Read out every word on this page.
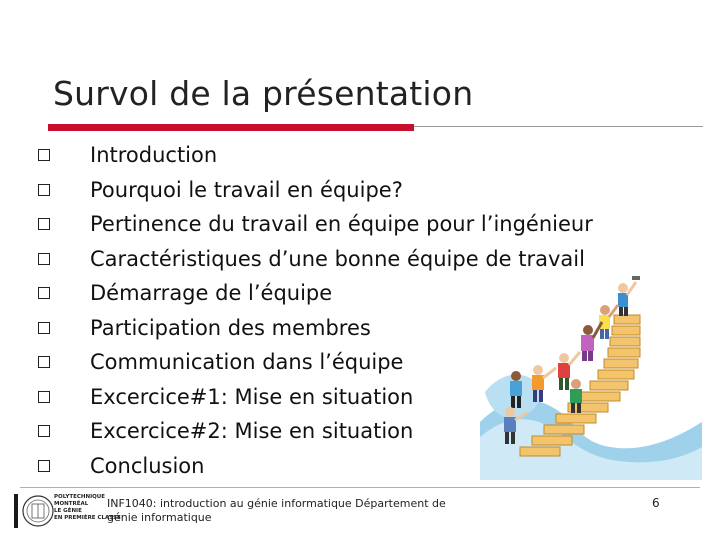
Survol de la présentation
Introduction
Pourquoi le travail en équipe?
Pertinence du travail en équipe pour l’ingénieur
Caractéristiques d’une bonne équipe de travail
Démarrage de l’équipe
Participation des membres
Communication dans l’équipe
Excercice#1: Mise en situation
Excercice#2: Mise en situation
Conclusion
POLYTECHNIQUE
MONTRÉAL
LE GÉNIE
EN PREMIÈRE CLASSE
INF1040: introduction au génie informatique Département de génie informatique
6
